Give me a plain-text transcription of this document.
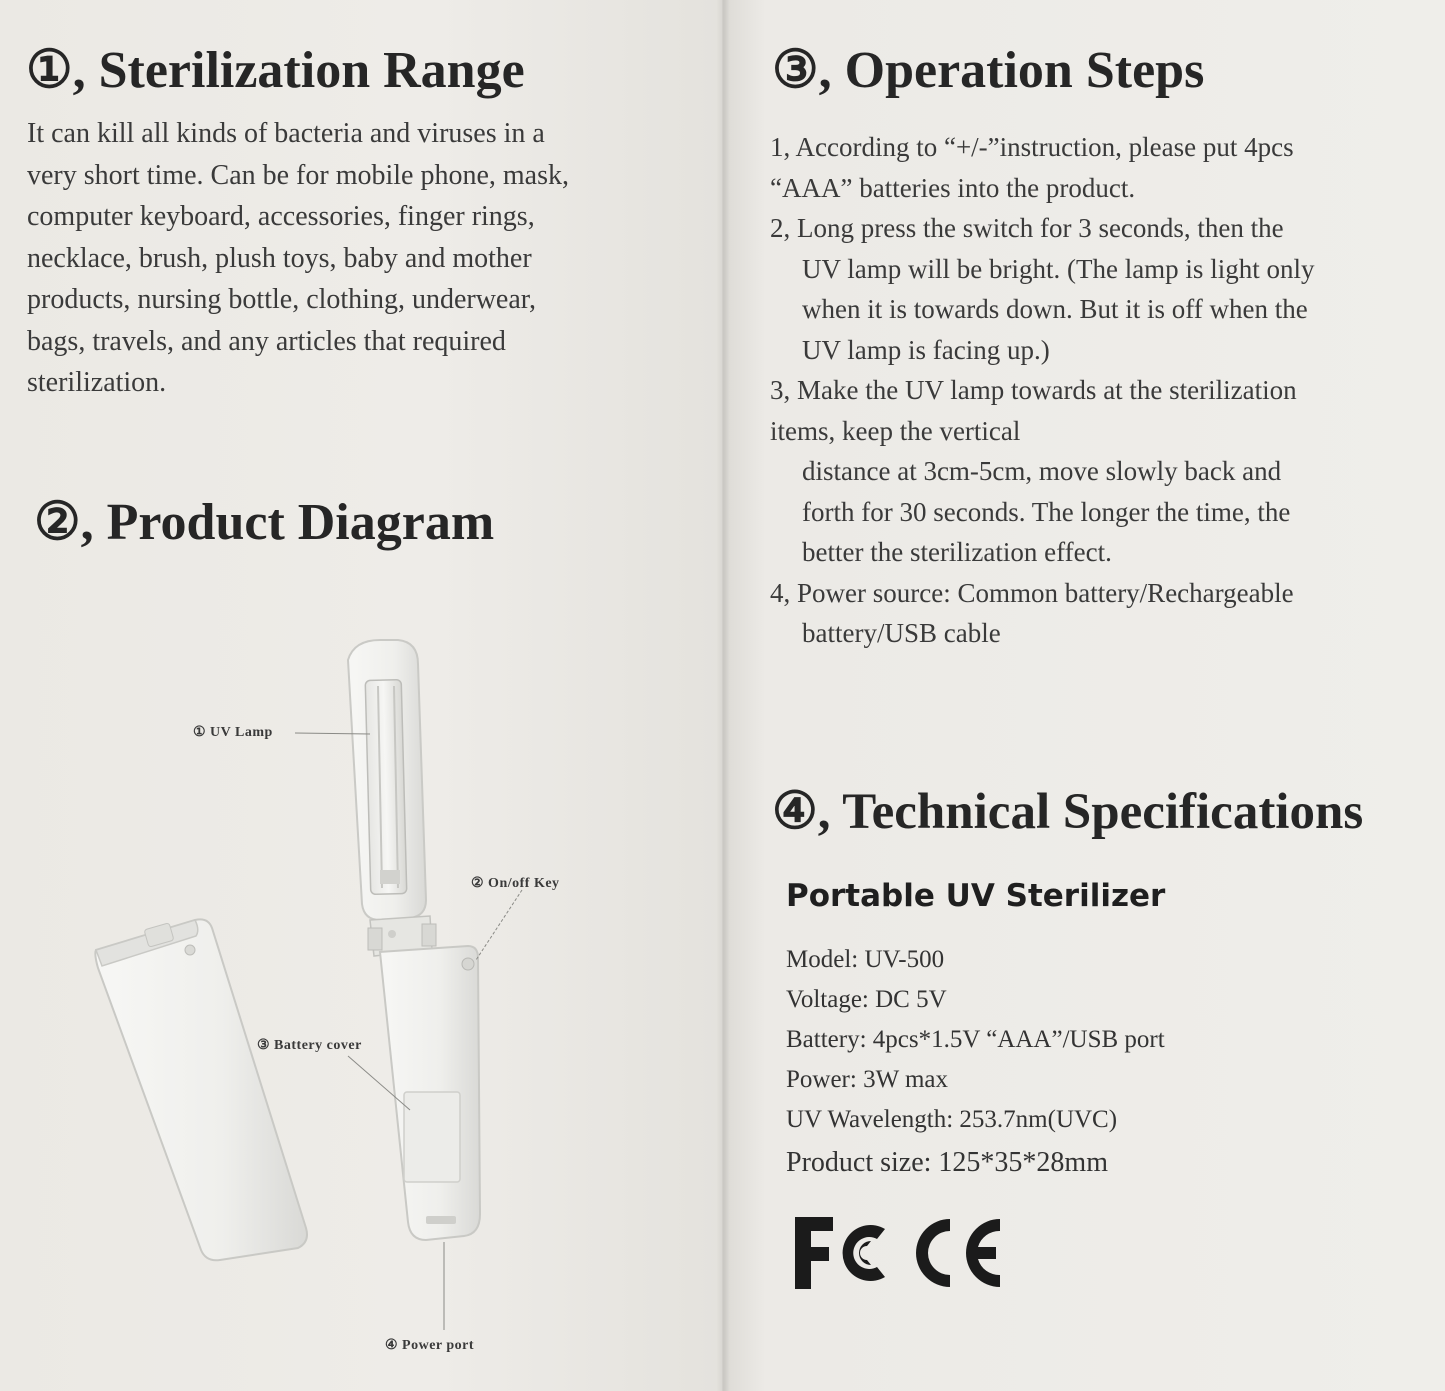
①, Sterilization Range

It can kill all kinds of bacteria and viruses in a

very short time. Can be for mobile phone, mask,

computer keyboard, accessories, finger rings,

necklace, brush, plush toys, baby and mother

products, nursing bottle, clothing, underwear,

bags, travels, and any articles that required

sterilization.

②, Product Diagram
① UV Lamp
② On/off Key
③ Battery cover
④ Power port
③, Operation Steps

1, According to “+/-”instruction, please put 4pcs

“AAA” batteries into the product.

2, Long press the switch for 3 seconds, then the

UV lamp will be bright. (The lamp is light only

when it is towards down. But it is off when the

UV lamp is facing up.)

3, Make the UV lamp towards at the sterilization

items, keep the vertical

distance at 3cm-5cm, move slowly back and

forth for 30 seconds. The longer the time, the

better the sterilization effect.

4, Power source: Common battery/Rechargeable

battery/USB cable

④, Technical Specifications
Portable UV Sterilizer

Model: UV-500

Voltage: DC 5V

Battery: 4pcs*1.5V “AAA”/USB port

Power: 3W max

UV Wavelength: 253.7nm(UVC)

Product size: 125*35*28mm
